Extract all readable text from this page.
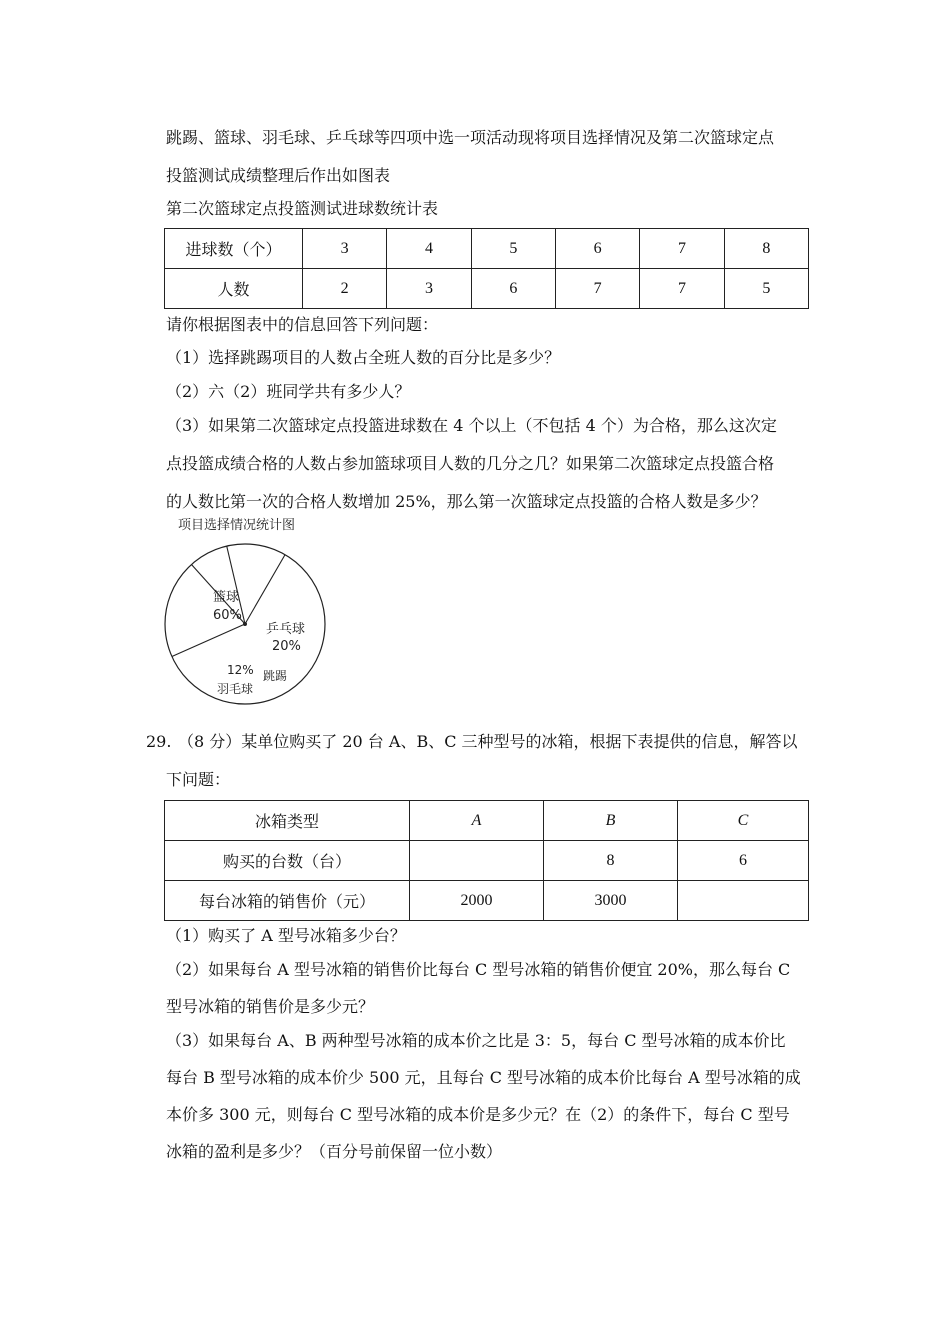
跳踢、篮球、羽毛球、乒乓球等四项中选一项活动现将项目选择情况及第二次篮球定点
投篮测试成绩整理后作出如图表
第二次篮球定点投篮测试进球数统计表
进球数（个）	3	4	5	6	7	8
人数	2	3	6	7	7	5
请你根据图表中的信息回答下列问题：
（1）选择跳踢项目的人数占全班人数的百分比是多少？
（2）六（2）班同学共有多少人？
（3）如果第二次篮球定点投篮进球数在 4 个以上（不包括 4 个）为合格，那么这次定
点投篮成绩合格的人数占参加篮球项目人数的几分之几？如果第二次篮球定点投篮合格
的人数比第一次的合格人数增加 25%，那么第一次篮球定点投篮的合格人数是多少？
项目选择情况统计图
篮球
60%
乒乓球
20%
跳踢
12%
羽毛球
29. （8 分）某单位购买了 20 台 A、B、C 三种型号的冰箱，根据下表提供的信息，解答以
下问题：
冰箱类型	A	B	C
购买的台数（台）		8	6
每台冰箱的销售价（元）	2000	3000	
（1）购买了 A 型号冰箱多少台？
（2）如果每台 A 型号冰箱的销售价比每台 C 型号冰箱的销售价便宜 20%，那么每台 C
型号冰箱的销售价是多少元？
（3）如果每台 A、B 两种型号冰箱的成本价之比是 3：5，每台 C 型号冰箱的成本价比
每台 B 型号冰箱的成本价少 500 元，且每台 C 型号冰箱的成本价比每台 A 型号冰箱的成
本价多 300 元，则每台 C 型号冰箱的成本价是多少元？在（2）的条件下，每台 C 型号
冰箱的盈利是多少？（百分号前保留一位小数）
